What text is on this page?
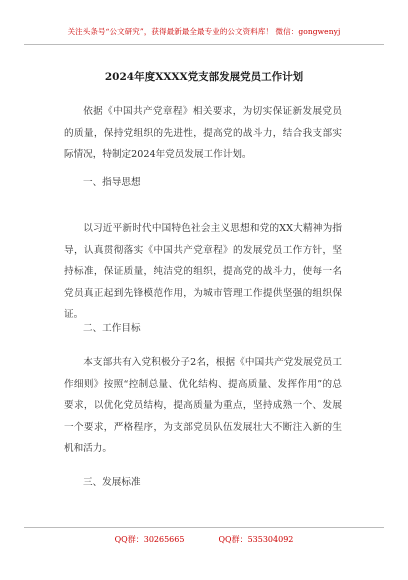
关注头条号“公文研究”，获得最新最全最专业的公文资料库！ 微信：gongwenyj
2024年度XXXX党支部发展党员工作计划

依据《中国共产党章程》相关要求，为切实保证新发展党员的质量，保持党组织的先进性，提高党的战斗力，结合我支部实际情况，特制定2024年党员发展工作计划。

一、指导思想

以习近平新时代中国特色社会主义思想和党的XX大精神为指导，认真贯彻落实《中国共产党章程》的发展党员工作方针，坚持标准，保证质量，纯洁党的组织，提高党的战斗力，使每一名党员真正起到先锋模范作用，为城市管理工作提供坚强的组织保证。

二、工作目标

本支部共有入党积极分子2名，根据《中国共产党发展党员工作细则》按照“控制总量、优化结构、提高质量、发挥作用”的总要求，以优化党员结构，提高质量为重点，坚持成熟一个、发展一个要求，严格程序，为支部党员队伍发展壮大不断注入新的生机和活力。

三、发展标准

QQ群：30265665	QQ群：535304092
